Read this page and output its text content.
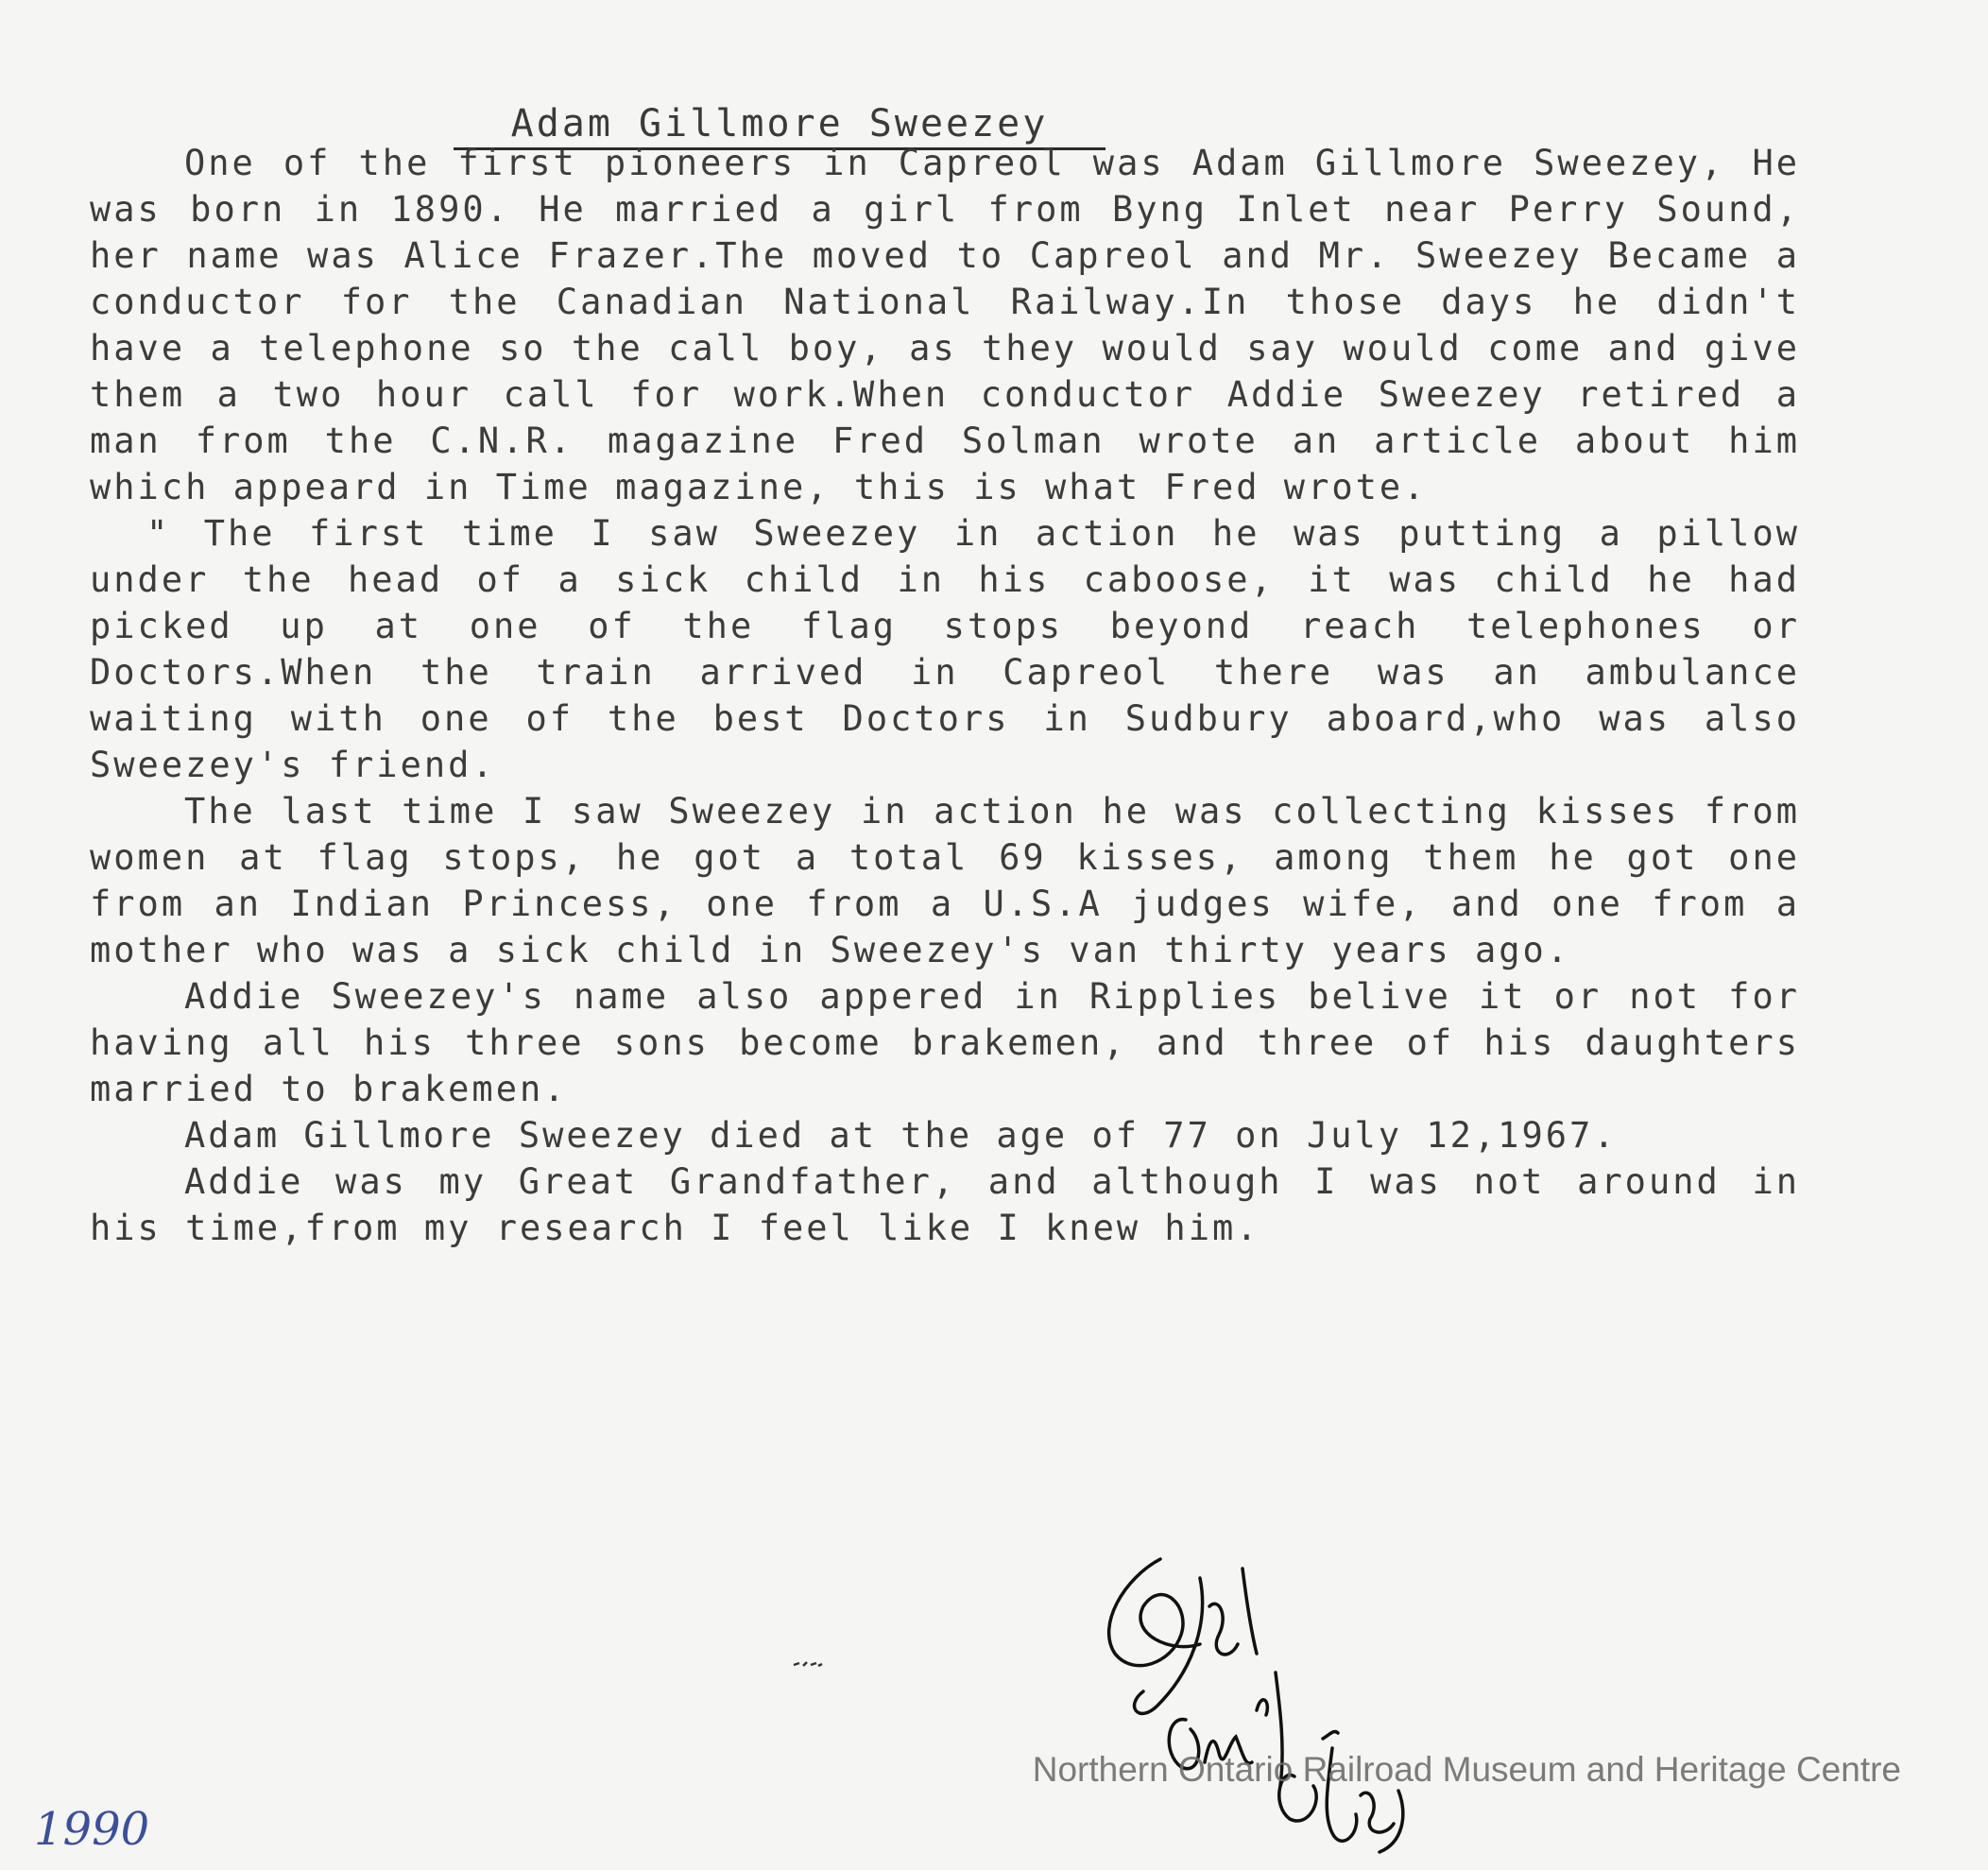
Adam Gillmore Sweezey

One of the first pioneers in Capreol was Adam Gillmore Sweezey, He was born in 1890. He married a girl from Byng Inlet near Perry Sound, her name was Alice Frazer.The moved to Capreol and Mr. Sweezey Became a conductor for the Canadian National Railway.In those days he didn't have a telephone so the call boy, as they would say would come and give them a two hour call for work.When conductor Addie Sweezey retired a man from the C.N.R. magazine Fred Solman wrote an article about him which appeard in Time magazine, this is what Fred wrote.

" The first time I saw Sweezey in action he was putting a pillow under the head of a sick child in his caboose, it was child he had picked up at one of the flag stops beyond reach telephones or Doctors.When the train arrived in Capreol there was an ambulance waiting with one of the best Doctors in Sudbury aboard,who was also Sweezey's friend.

The last time I saw Sweezey in action he was collecting kisses from women at flag stops, he got a total 69 kisses, among them he got one from an Indian Princess, one from a U.S.A judges wife, and one from a mother who was a sick child in Sweezey's van thirty years ago.

Addie Sweezey's name also appered in Ripplies belive it or not for having all his three sons become brakemen, and three of his daughters married to brakemen.

Adam Gillmore Sweezey died at the age of 77 on July 12,1967.

Addie was my Great Grandfather, and although I was not around in his time,from my research I feel like I knew him.

Northern Ontario Railroad Museum and Heritage Centre
1990
